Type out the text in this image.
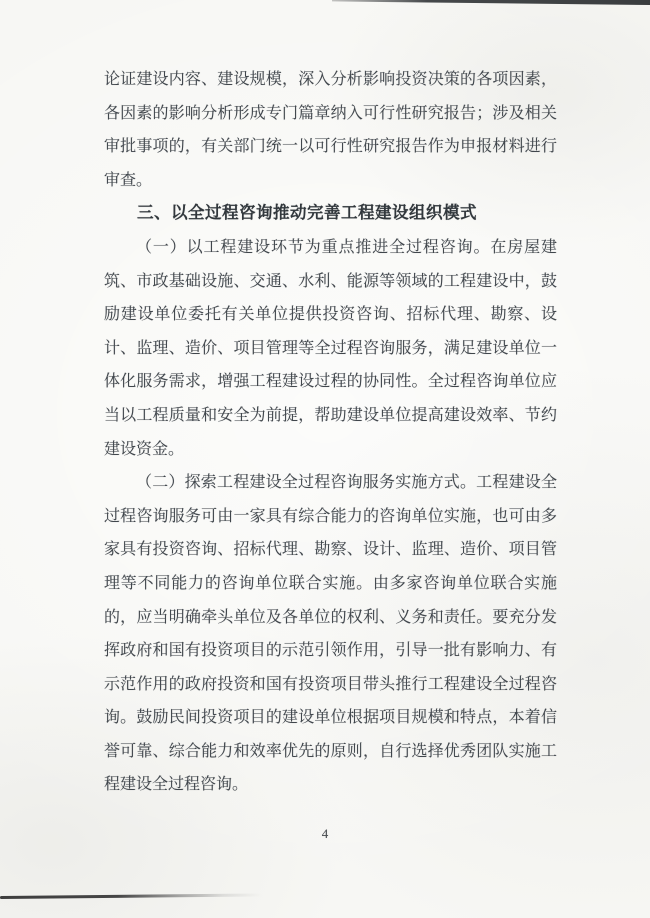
论证建设内容、建设规模，深入分析影响投资决策的各项因素，各因素的影响分析形成专门篇章纳入可行性研究报告；涉及相关审批事项的，有关部门统一以可行性研究报告作为申报材料进行审查。

三、以全过程咨询推动完善工程建设组织模式

（一）以工程建设环节为重点推进全过程咨询。在房屋建筑、市政基础设施、交通、水利、能源等领域的工程建设中，鼓励建设单位委托有关单位提供投资咨询、招标代理、勘察、设计、监理、造价、项目管理等全过程咨询服务，满足建设单位一体化服务需求，增强工程建设过程的协同性。全过程咨询单位应当以工程质量和安全为前提，帮助建设单位提高建设效率、节约建设资金。

（二）探索工程建设全过程咨询服务实施方式。工程建设全过程咨询服务可由一家具有综合能力的咨询单位实施，也可由多家具有投资咨询、招标代理、勘察、设计、监理、造价、项目管理等不同能力的咨询单位联合实施。由多家咨询单位联合实施的，应当明确牵头单位及各单位的权利、义务和责任。要充分发挥政府和国有投资项目的示范引领作用，引导一批有影响力、有示范作用的政府投资和国有投资项目带头推行工程建设全过程咨询。鼓励民间投资项目的建设单位根据项目规模和特点，本着信誉可靠、综合能力和效率优先的原则，自行选择优秀团队实施工程建设全过程咨询。

4
